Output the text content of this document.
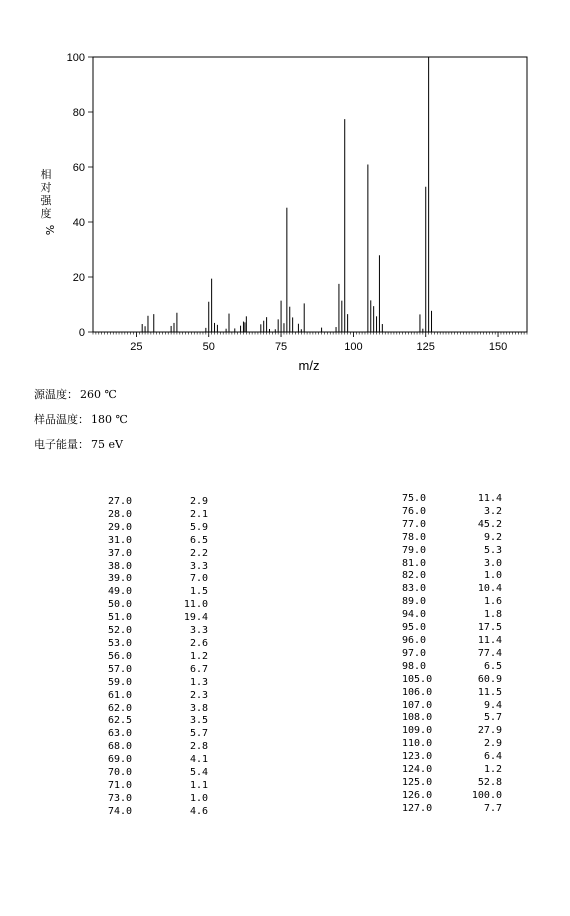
0
20
40
60
80
100
25	50	75	100	125	150
m/z
相
对
强
度
%
源温度： 260 ℃
样品温度： 180 ℃
电子能量： 75 eV
27.0	2.9
28.0	2.1
29.0	5.9
31.0	6.5
37.0	2.2
38.0	3.3
39.0	7.0
49.0	1.5
50.0	11.0
51.0	19.4
52.0	3.3
53.0	2.6
56.0	1.2
57.0	6.7
59.0	1.3
61.0	2.3
62.0	3.8
62.5	3.5
63.0	5.7
68.0	2.8
69.0	4.1
70.0	5.4
71.0	1.1
73.0	1.0
74.0	4.6
75.0	11.4
76.0	3.2
77.0	45.2
78.0	9.2
79.0	5.3
81.0	3.0
82.0	1.0
83.0	10.4
89.0	1.6
94.0	1.8
95.0	17.5
96.0	11.4
97.0	77.4
98.0	6.5
105.0	60.9
106.0	11.5
107.0	9.4
108.0	5.7
109.0	27.9
110.0	2.9
123.0	6.4
124.0	1.2
125.0	52.8
126.0	100.0
127.0	7.7
